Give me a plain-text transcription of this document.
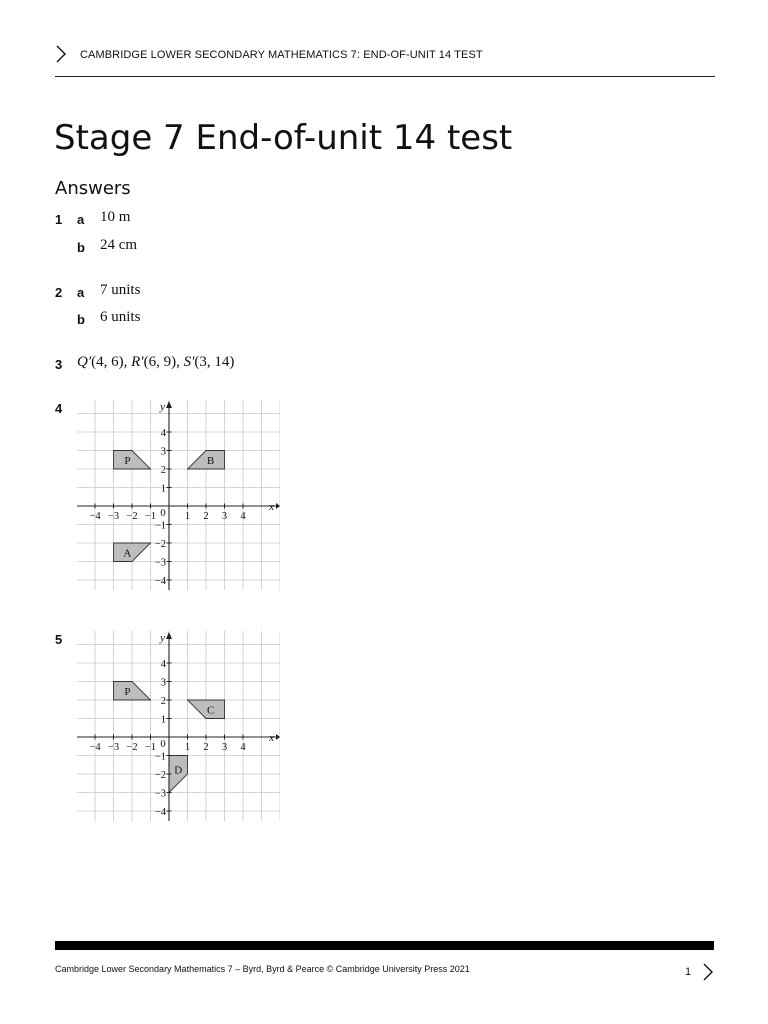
CAMBRIDGE LOWER SECONDARY MATHEMATICS 7: END-OF-UNIT 14 TEST
Stage 7 End-of-unit 14 test
Answers
1 a 10 m
b 24 cm
2 a 7 units
b 6 units
3 Q′(4, 6), R′(6, 9), S′(3, 14)
4
P	B
A
x
y
−4 −3 −2 −1 0 1 2 3 4
4
3
2
1
−1
−2
−3
−4
5
P
C
D
x
y
−4 −3 −2 −1 0 1 2 3 4
4
3
2
1
−1
−2
−3
−4
Cambridge Lower Secondary Mathematics 7 – Byrd, Byrd & Pearce © Cambridge University Press 2021	1
